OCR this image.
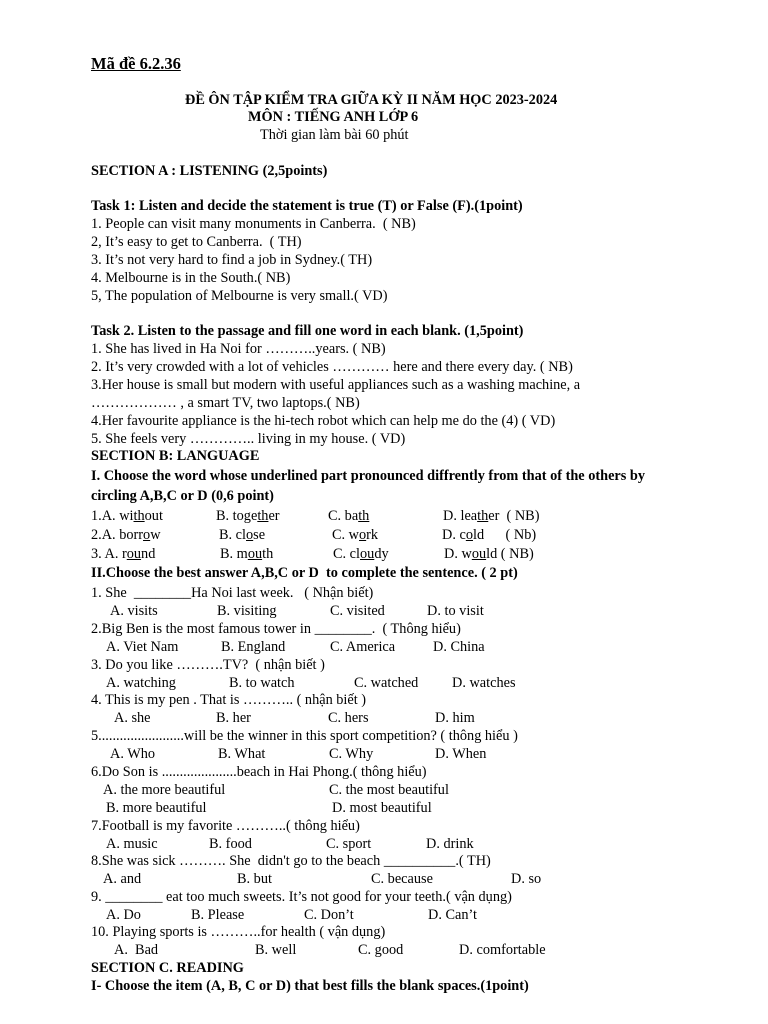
Mã đề 6.2.36
ĐỀ ÔN TẬP KIỂM TRA GIỮA KỲ II NĂM HỌC 2023-2024
MÔN : TIẾNG ANH LỚP 6
Thời gian làm bài 60 phút
SECTION A : LISTENING (2,5points)
Task 1: Listen and decide the statement is true (T) or False (F).(1point)
1. People can visit many monuments in Canberra.  ( NB)
2, It’s easy to get to Canberra.  ( TH)
3. It’s not very hard to find a job in Sydney.( TH)
4. Melbourne is in the South.( NB)
5, The population of Melbourne is very small.( VD)
Task 2. Listen to the passage and fill one word in each blank. (1,5point)
1. She has lived in Ha Noi for ………..years. ( NB)
2. It’s very crowded with a lot of vehicles ………… here and there every day. ( NB)
3.Her house is small but modern with useful appliances such as a washing machine, a
……………… , a smart TV, two laptops.( NB)
4.Her favourite appliance is the hi-tech robot which can help me do the (4) ( VD)
5. She feels very ………….. living in my house. ( VD)
SECTION B: LANGUAGE
I. Choose the word whose underlined part pronounced diffrently from that of the others by
circling A,B,C or D (0,6 point)
1.A. without	B. together	C. bath	D. leather  ( NB)
2.A. borrow	B. close	C. work	D. cold      ( Nb)
3. A. round	B. mouth	C. cloudy	D. would ( NB)
II.Choose the best answer A,B,C or D  to complete the sentence. ( 2 pt)
1. She  ________Ha Noi last week.   ( Nhận biết)
A. visits	B. visiting	C. visited	D. to visit
2.Big Ben is the most famous tower in ________.  ( Thông hiểu)
A. Viet Nam	B. England	C. America	D. China
3. Do you like ……….TV?  ( nhận biết )
A. watching	B. to watch	C. watched D. watches
4. This is my pen . That is ……….. ( nhận biết )
A. she	B. her	C. hers	D. him
5........................will be the winner in this sport competition? ( thông hiểu )
A. Who	B. What	C. Why	D. When
6.Do Son is .....................beach in Hai Phong.( thông hiểu)
A. the more beautiful	C. the most beautiful
B. more beautiful	D. most beautiful
7.Football is my favorite ………..( thông hiểu)
A. music	B. food	C. sport	D. drink
8.She was sick ………. She  didn't go to the beach __________.( TH)
A. and	B. but	C. because	D. so
9. ________ eat too much sweets. It’s not good for your teeth.( vận dụng)
A. Do	B. Please	C. Don’t	D. Can’t
10. Playing sports is ………..for health ( vận dụng)
A.  Bad	B. well	C. good	D. comfortable
SECTION C. READING
I- Choose the item (A, B, C or D) that best fills the blank spaces.(1point)
